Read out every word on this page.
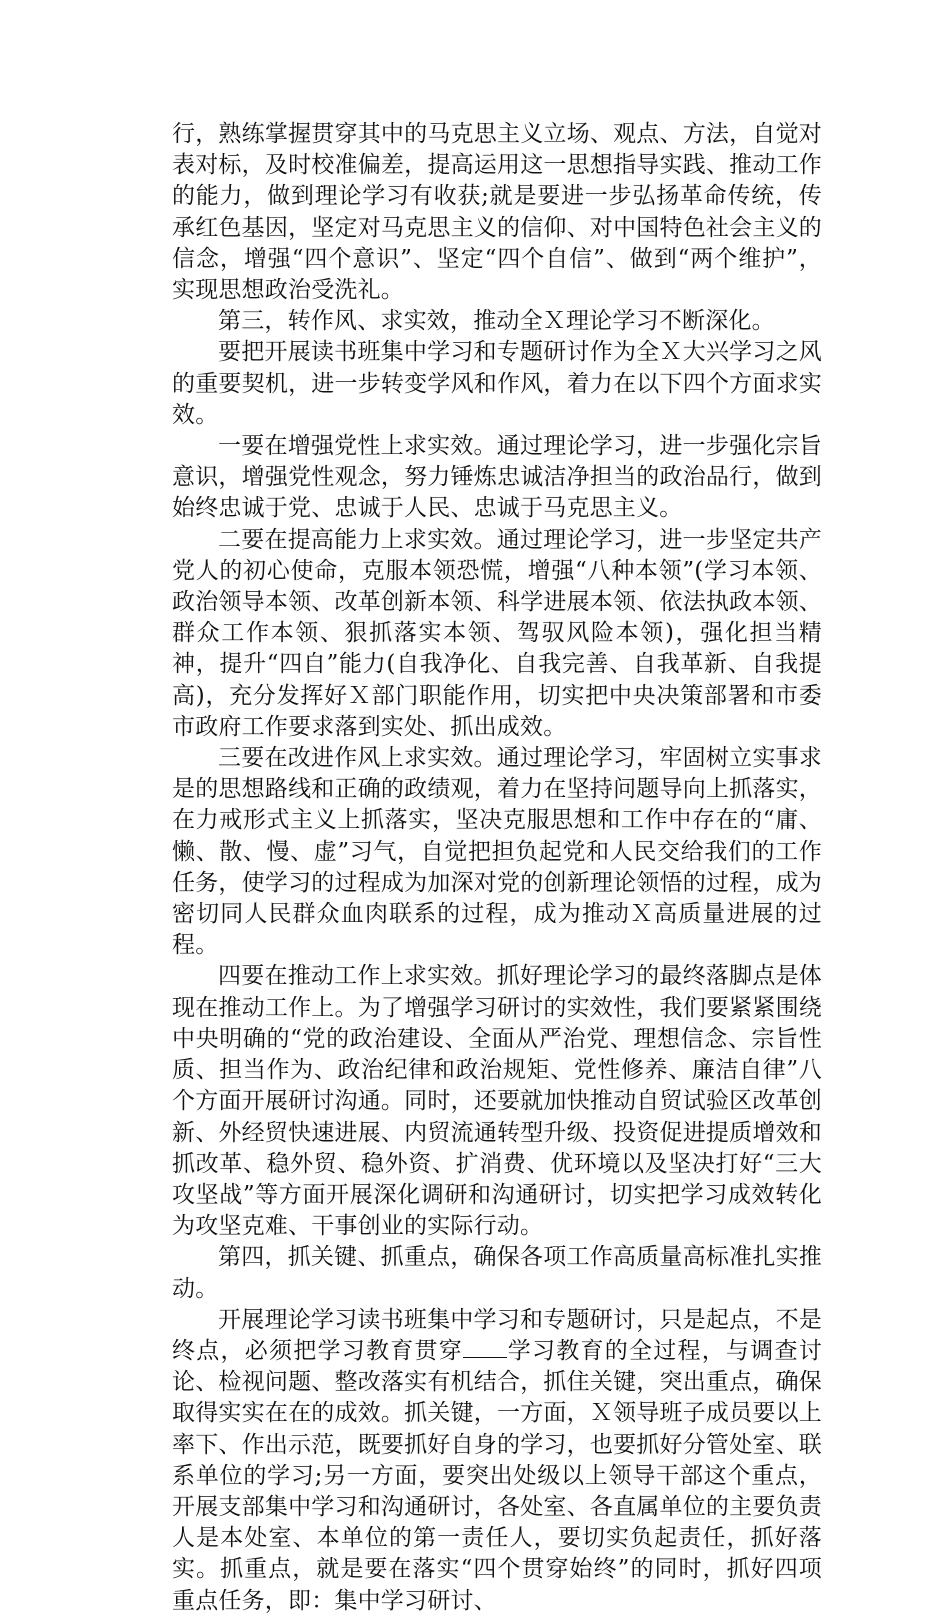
行，熟练掌握贯穿其中的马克思主义立场、观点、方法，自觉对表对标，及时校准偏差，提高运用这一思想指导实践、推动工作的能力，做到理论学习有收获;就是要进一步弘扬革命传统，传承红色基因，坚定对马克思主义的信仰、对中国特色社会主义的信念，增强“四个意识”、坚定“四个自信”、做到“两个维护”，实现思想政治受洗礼。

第三，转作风、求实效，推动全Ｘ理论学习不断深化。

要把开展读书班集中学习和专题研讨作为全Ｘ大兴学习之风的重要契机，进一步转变学风和作风，着力在以下四个方面求实效。

一要在增强党性上求实效。通过理论学习，进一步强化宗旨意识，增强党性观念，努力锤炼忠诚洁净担当的政治品行，做到始终忠诚于党、忠诚于人民、忠诚于马克思主义。

二要在提高能力上求实效。通过理论学习，进一步坚定共产党人的初心使命，克服本领恐慌，增强“八种本领”(学习本领、政治领导本领、改革创新本领、科学进展本领、依法执政本领、群众工作本领、狠抓落实本领、驾驭风险本领)，强化担当精神，提升“四自”能力(自我净化、自我完善、自我革新、自我提高)，充分发挥好Ｘ部门职能作用，切实把中央决策部署和市委市政府工作要求落到实处、抓出成效。

三要在改进作风上求实效。通过理论学习，牢固树立实事求是的思想路线和正确的政绩观，着力在坚持问题导向上抓落实，在力戒形式主义上抓落实，坚决克服思想和工作中存在的“庸、懒、散、慢、虚”习气，自觉把担负起党和人民交给我们的工作任务，使学习的过程成为加深对党的创新理论领悟的过程，成为密切同人民群众血肉联系的过程，成为推动Ｘ高质量进展的过程。

四要在推动工作上求实效。抓好理论学习的最终落脚点是体现在推动工作上。为了增强学习研讨的实效性，我们要紧紧围绕中央明确的“党的政治建设、全面从严治党、理想信念、宗旨性质、担当作为、政治纪律和政治规矩、党性修养、廉洁自律”八个方面开展研讨沟通。同时，还要就加快推动自贸试验区改革创新、外经贸快速进展、内贸流通转型升级、投资促进提质增效和抓改革、稳外贸、稳外资、扩消费、优环境以及坚决打好“三大攻坚战”等方面开展深化调研和沟通研讨，切实把学习成效转化为攻坚克难、干事创业的实际行动。

第四，抓关键、抓重点，确保各项工作高质量高标准扎实推动。

开展理论学习读书班集中学习和专题研讨，只是起点，不是终点，必须把学习教育贯穿 学习教育的全过程，与调查讨论、检视问题、整改落实有机结合，抓住关键，突出重点，确保取得实实在在的成效。抓关键，一方面，Ｘ领导班子成员要以上率下、作出示范，既要抓好自身的学习，也要抓好分管处室、联系单位的学习;另一方面，要突出处级以上领导干部这个重点，开展支部集中学习和沟通研讨，各处室、各直属单位的主要负责人是本处室、本单位的第一责任人，要切实负起责任，抓好落实。抓重点，就是要在落实“四个贯穿始终”的同时，抓好四项重点任务，即：集中学习研讨、
